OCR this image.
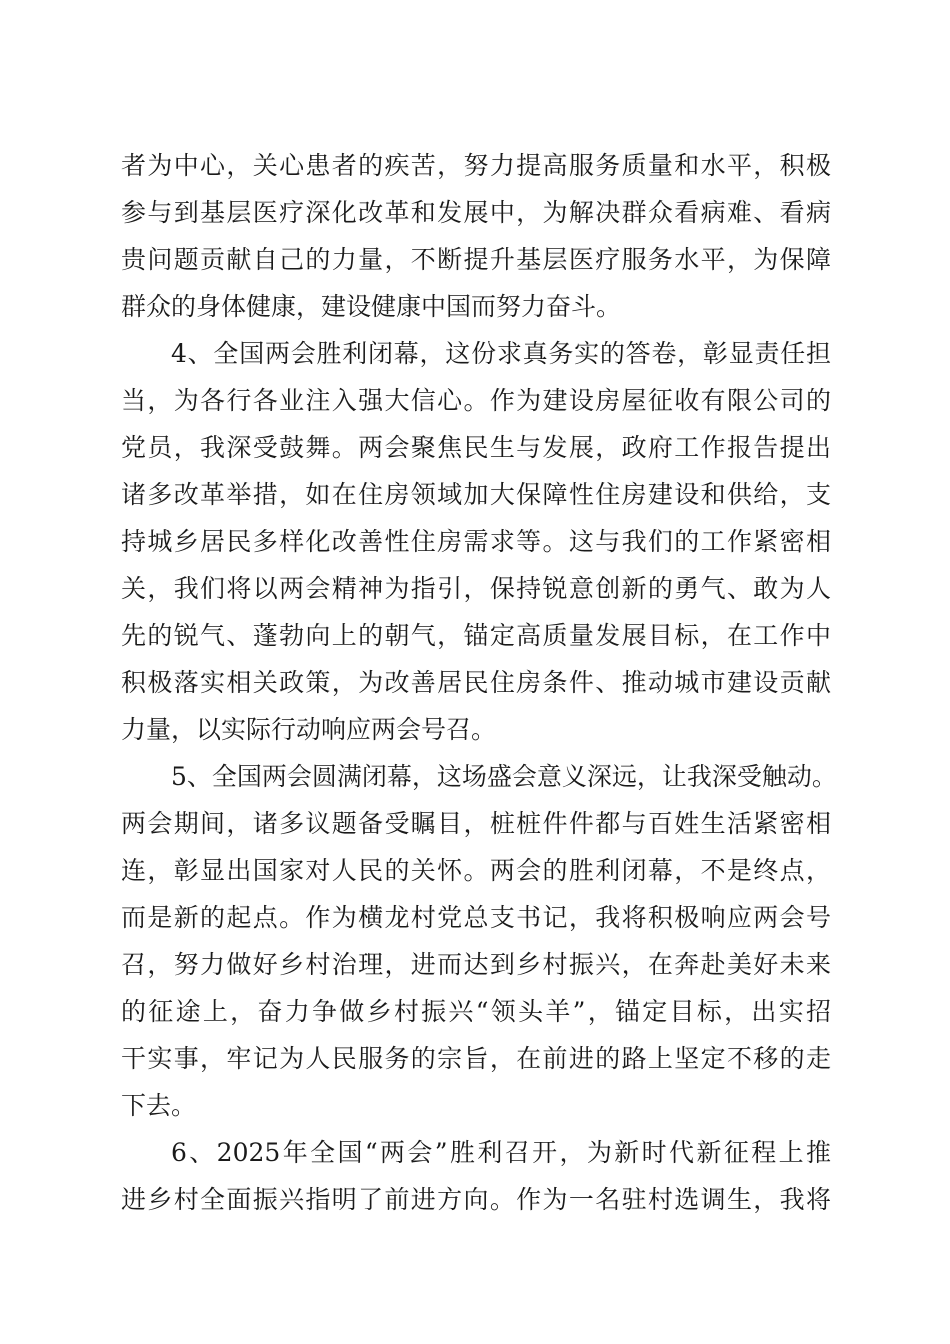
者为中心，关心患者的疾苦，努力提高服务质量和水平，积极
参与到基层医疗深化改革和发展中，为解决群众看病难、看病
贵问题贡献自己的力量，不断提升基层医疗服务水平，为保障
群众的身体健康，建设健康中国而努力奋斗。
4、全国两会胜利闭幕，这份求真务实的答卷，彰显责任担
当，为各行各业注入强大信心。作为建设房屋征收有限公司的
党员，我深受鼓舞。两会聚焦民生与发展，政府工作报告提出
诸多改革举措，如在住房领域加大保障性住房建设和供给，支
持城乡居民多样化改善性住房需求等。这与我们的工作紧密相
关，我们将以两会精神为指引，保持锐意创新的勇气、敢为人
先的锐气、蓬勃向上的朝气，锚定高质量发展目标，在工作中
积极落实相关政策，为改善居民住房条件、推动城市建设贡献
力量，以实际行动响应两会号召。
5、全国两会圆满闭幕，这场盛会意义深远，让我深受触动。
两会期间，诸多议题备受瞩目，桩桩件件都与百姓生活紧密相
连，彰显出国家对人民的关怀。两会的胜利闭幕，不是终点，
而是新的起点。作为横龙村党总支书记，我将积极响应两会号
召，努力做好乡村治理，进而达到乡村振兴，在奔赴美好未来
的征途上，奋力争做乡村振兴“领头羊”，锚定目标，出实招
干实事，牢记为人民服务的宗旨，在前进的路上坚定不移的走
下去。
6、2025年全国“两会”胜利召开，为新时代新征程上推
进乡村全面振兴指明了前进方向。作为一名驻村选调生，我将
